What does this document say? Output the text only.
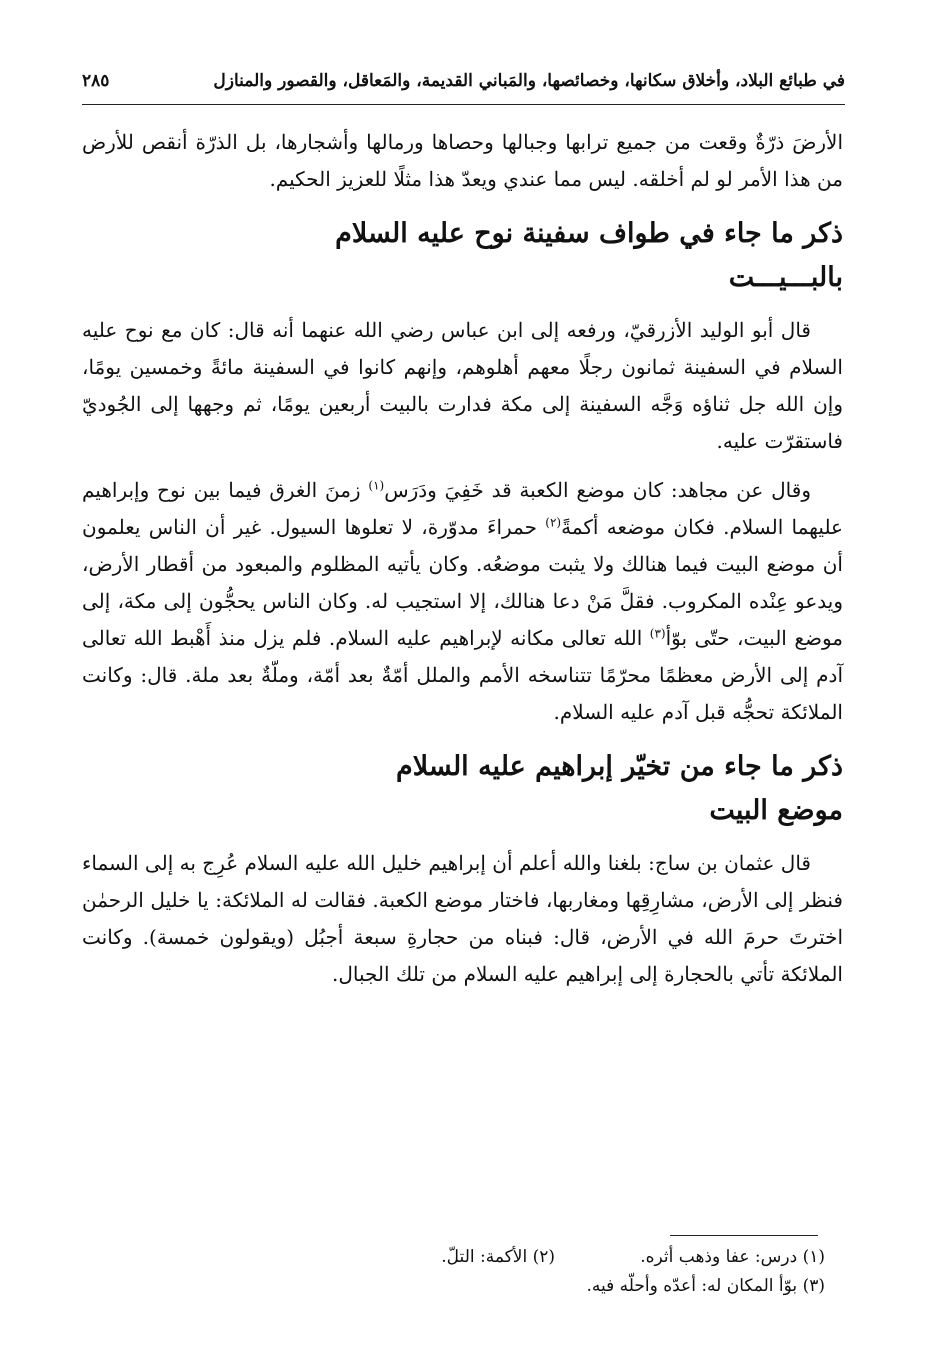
في طبائع البلاد، وأخلاق سكانها، وخصائصها، والمَباني القديمة، والمَعاقل، والقصور والمنازل
٢٨٥

الأرضَ ذرّةٌ وقعت من جميع ترابها وجبالها وحصاها ورمالها وأشجارها، بل الذرّة أنقص للأرض من هذا الأمر لو لم أخلقه. ليس مما عندي ويعدّ هذا مثلًا للعزيز الحكيم.

ذكر ما جاء في طواف سفينة نوح عليه السلام
بالبـــيـــت

قال أبو الوليد الأزرقيّ، ورفعه إلى ابن عباس رضي الله عنهما أنه قال: كان مع نوح عليه السلام في السفينة ثمانون رجلًا معهم أهلوهم، وإنهم كانوا في السفينة مائةً وخمسين يومًا، وإن الله جل ثناؤه وَجَّه السفينة إلى مكة فدارت بالبيت أربعين يومًا، ثم وجهها إلى الجُوديّ فاستقرّت عليه.

وقال عن مجاهد: كان موضع الكعبة قد خَفِيَ ودَرَس$^{(١)}$ زمنَ الغرق فيما بين نوح وإبراهيم عليهما السلام. فكان موضعه أكمةً$^{(٢)}$ حمراءَ مدوّرة، لا تعلوها السيول. غير أن الناس يعلمون أن موضع البيت فيما هنالك ولا يثبت موضعُه. وكان يأتيه المظلوم والمبعود من أقطار الأرض، ويدعو عِنْده المكروب. فقلَّ مَنْ دعا هنالك، إلا استجيب له. وكان الناس يحجُّون إلى مكة، إلى موضع البيت، حتّى بوّأ$^{(٣)}$ الله تعالى مكانه لإبراهيم عليه السلام. فلم يزل منذ أَهْبط الله تعالى آدم إلى الأرض معظمًا محرّمًا تتناسخه الأمم والملل أمّةٌ بعد أمّة، وملّةٌ بعد ملة. قال: وكانت الملائكة تحجُّه قبل آدم عليه السلام.

ذكر ما جاء من تخيّر إبراهيم عليه السلام
موضع البيت

قال عثمان بن ساج: بلغنا والله أعلم أن إبراهيم خليل الله عليه السلام عُرِج به إلى السماء فنظر إلى الأرض، مشارِقِها ومغاربها، فاختار موضع الكعبة. فقالت له الملائكة: يا خليل الرحمٰن اخترتَ حرمَ الله في الأرض، قال: فبناه من حجارةِ سبعة أجبُل (ويقولون خمسة). وكانت الملائكة تأتي بالحجارة إلى إبراهيم عليه السلام من تلك الجبال.

(١) درس: عفا وذهب أثره.
(٢) الأكمة: التلّ.
(٣) بوّأ المكان له: أعدّه وأحلّه فيه.
